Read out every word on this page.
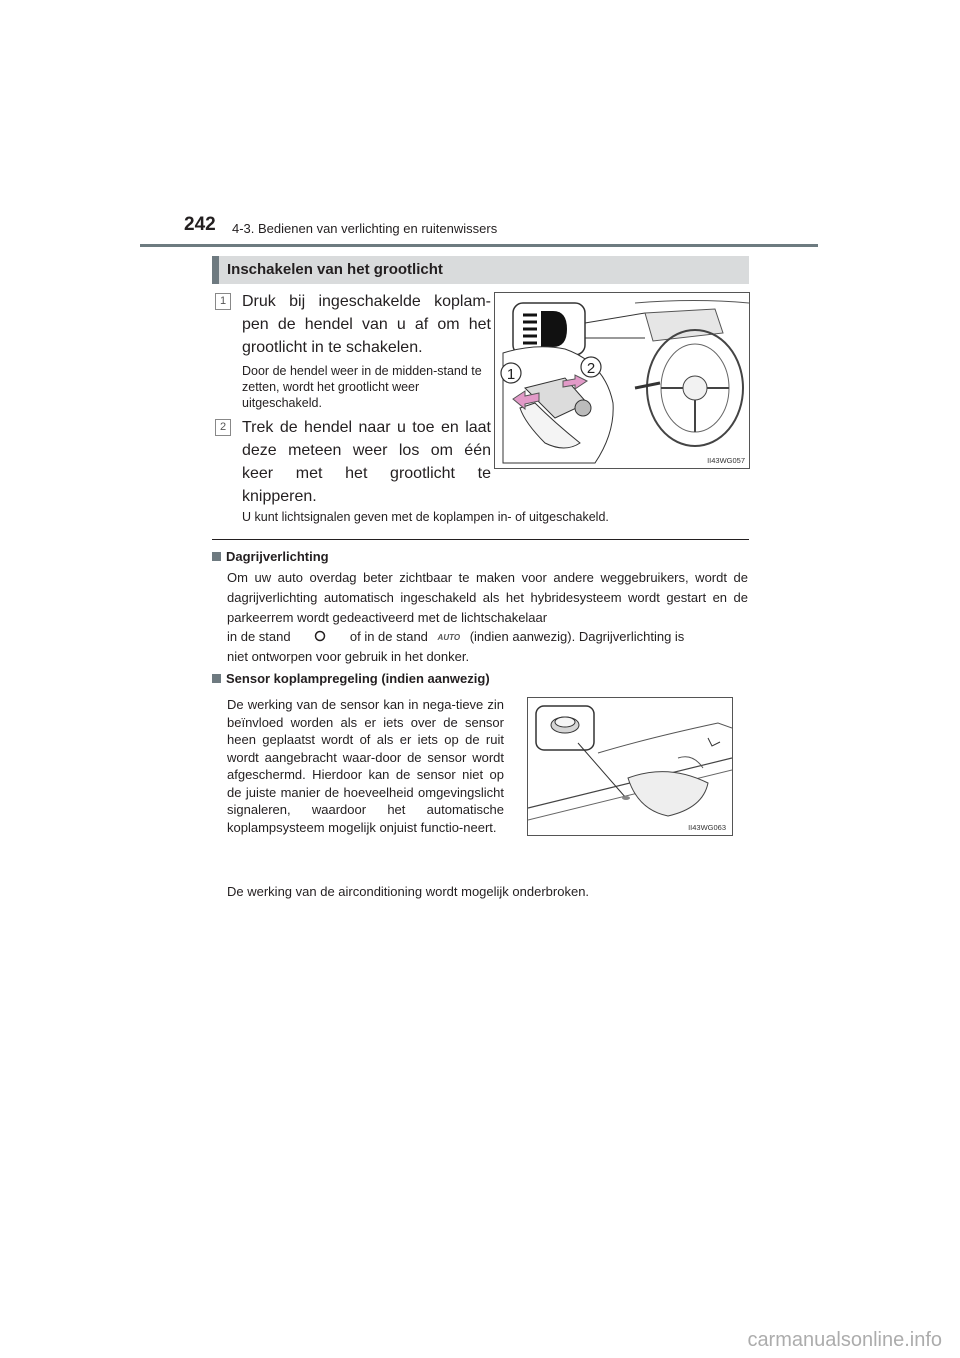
242 4-3. Bedienen van verlichting en ruitenwissers
Inschakelen van het grootlicht
1 Druk bij ingeschakelde koplam-pen de hendel van u af om het grootlicht in te schakelen.
Door de hendel weer in de midden-stand te zetten, wordt het grootlicht weer uitgeschakeld.
2 Trek de hendel naar u toe en laat deze meteen weer los om één keer met het grootlicht te knipperen.
1	2
II43WG057
U kunt lichtsignalen geven met de koplampen in- of uitgeschakeld.
Dagrijverlichting
Om uw auto overdag beter zichtbaar te maken voor andere weggebruikers, wordt de dagrijverlichting automatisch ingeschakeld als het hybridesysteem wordt gestart en de parkeerrem wordt gedeactiveerd met de lichtschakelaar
in de stand	of in de stand AUTO (indien aanwezig). Dagrijverlichting is
niet ontworpen voor gebruik in het donker.
Sensor koplampregeling (indien aanwezig)
De werking van de sensor kan in nega-tieve zin beïnvloed worden als er iets over de sensor heen geplaatst wordt of als er iets op de ruit wordt aangebracht waar-door de sensor wordt afgeschermd. Hierdoor kan de sensor niet op de juiste manier de hoeveelheid omgevingslicht signaleren, waardoor het automatische koplampsysteem mogelijk onjuist functio-neert.	II43WG063
De werking van de airconditioning wordt mogelijk onderbroken.
carmanualsonline.info
